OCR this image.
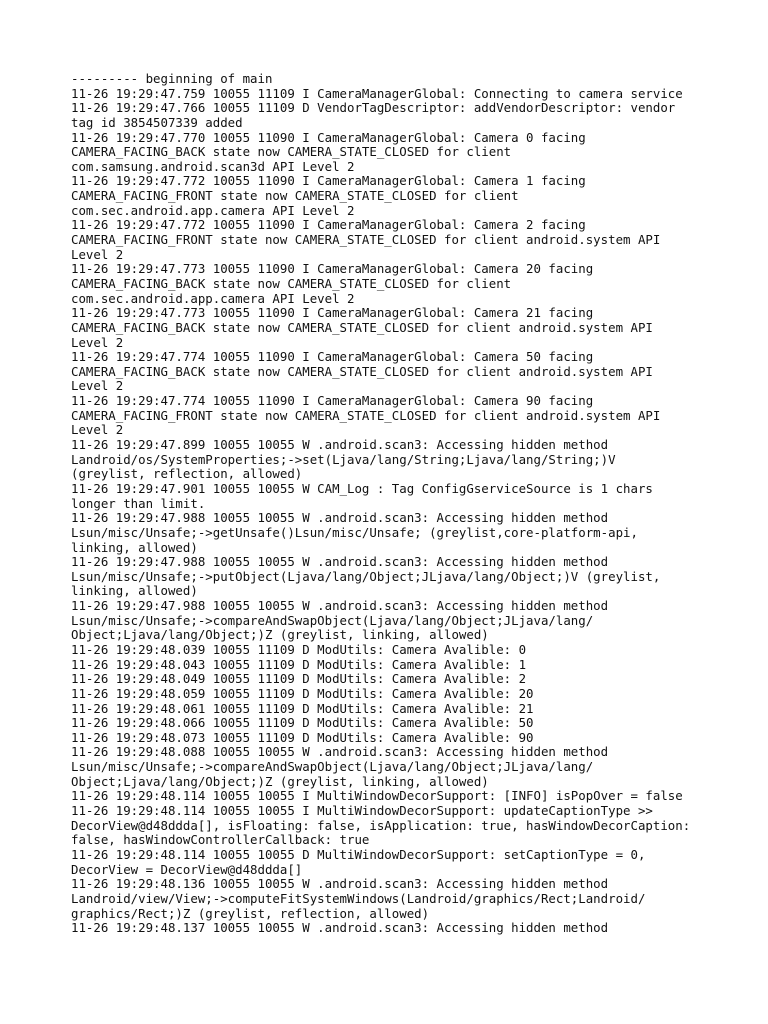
--------- beginning of main
11-26 19:29:47.759 10055 11109 I CameraManagerGlobal: Connecting to camera service
11-26 19:29:47.766 10055 11109 D VendorTagDescriptor: addVendorDescriptor: vendor
tag id 3854507339 added
11-26 19:29:47.770 10055 11090 I CameraManagerGlobal: Camera 0 facing
CAMERA_FACING_BACK state now CAMERA_STATE_CLOSED for client
com.samsung.android.scan3d API Level 2
11-26 19:29:47.772 10055 11090 I CameraManagerGlobal: Camera 1 facing
CAMERA_FACING_FRONT state now CAMERA_STATE_CLOSED for client
com.sec.android.app.camera API Level 2
11-26 19:29:47.772 10055 11090 I CameraManagerGlobal: Camera 2 facing
CAMERA_FACING_FRONT state now CAMERA_STATE_CLOSED for client android.system API
Level 2
11-26 19:29:47.773 10055 11090 I CameraManagerGlobal: Camera 20 facing
CAMERA_FACING_BACK state now CAMERA_STATE_CLOSED for client
com.sec.android.app.camera API Level 2
11-26 19:29:47.773 10055 11090 I CameraManagerGlobal: Camera 21 facing
CAMERA_FACING_BACK state now CAMERA_STATE_CLOSED for client android.system API
Level 2
11-26 19:29:47.774 10055 11090 I CameraManagerGlobal: Camera 50 facing
CAMERA_FACING_BACK state now CAMERA_STATE_CLOSED for client android.system API
Level 2
11-26 19:29:47.774 10055 11090 I CameraManagerGlobal: Camera 90 facing
CAMERA_FACING_FRONT state now CAMERA_STATE_CLOSED for client android.system API
Level 2
11-26 19:29:47.899 10055 10055 W .android.scan3: Accessing hidden method
Landroid/os/SystemProperties;->set(Ljava/lang/String;Ljava/lang/String;)V
(greylist, reflection, allowed)
11-26 19:29:47.901 10055 10055 W CAM_Log : Tag ConfigGserviceSource is 1 chars
longer than limit.
11-26 19:29:47.988 10055 10055 W .android.scan3: Accessing hidden method
Lsun/misc/Unsafe;->getUnsafe()Lsun/misc/Unsafe; (greylist,core-platform-api,
linking, allowed)
11-26 19:29:47.988 10055 10055 W .android.scan3: Accessing hidden method
Lsun/misc/Unsafe;->putObject(Ljava/lang/Object;JLjava/lang/Object;)V (greylist,
linking, allowed)
11-26 19:29:47.988 10055 10055 W .android.scan3: Accessing hidden method
Lsun/misc/Unsafe;->compareAndSwapObject(Ljava/lang/Object;JLjava/lang/
Object;Ljava/lang/Object;)Z (greylist, linking, allowed)
11-26 19:29:48.039 10055 11109 D ModUtils: Camera Avalible: 0
11-26 19:29:48.043 10055 11109 D ModUtils: Camera Avalible: 1
11-26 19:29:48.049 10055 11109 D ModUtils: Camera Avalible: 2
11-26 19:29:48.059 10055 11109 D ModUtils: Camera Avalible: 20
11-26 19:29:48.061 10055 11109 D ModUtils: Camera Avalible: 21
11-26 19:29:48.066 10055 11109 D ModUtils: Camera Avalible: 50
11-26 19:29:48.073 10055 11109 D ModUtils: Camera Avalible: 90
11-26 19:29:48.088 10055 10055 W .android.scan3: Accessing hidden method
Lsun/misc/Unsafe;->compareAndSwapObject(Ljava/lang/Object;JLjava/lang/
Object;Ljava/lang/Object;)Z (greylist, linking, allowed)
11-26 19:29:48.114 10055 10055 I MultiWindowDecorSupport: [INFO] isPopOver = false
11-26 19:29:48.114 10055 10055 I MultiWindowDecorSupport: updateCaptionType >>
DecorView@d48ddda[], isFloating: false, isApplication: true, hasWindowDecorCaption:
false, hasWindowControllerCallback: true
11-26 19:29:48.114 10055 10055 D MultiWindowDecorSupport: setCaptionType = 0,
DecorView = DecorView@d48ddda[]
11-26 19:29:48.136 10055 10055 W .android.scan3: Accessing hidden method
Landroid/view/View;->computeFitSystemWindows(Landroid/graphics/Rect;Landroid/
graphics/Rect;)Z (greylist, reflection, allowed)
11-26 19:29:48.137 10055 10055 W .android.scan3: Accessing hidden method
